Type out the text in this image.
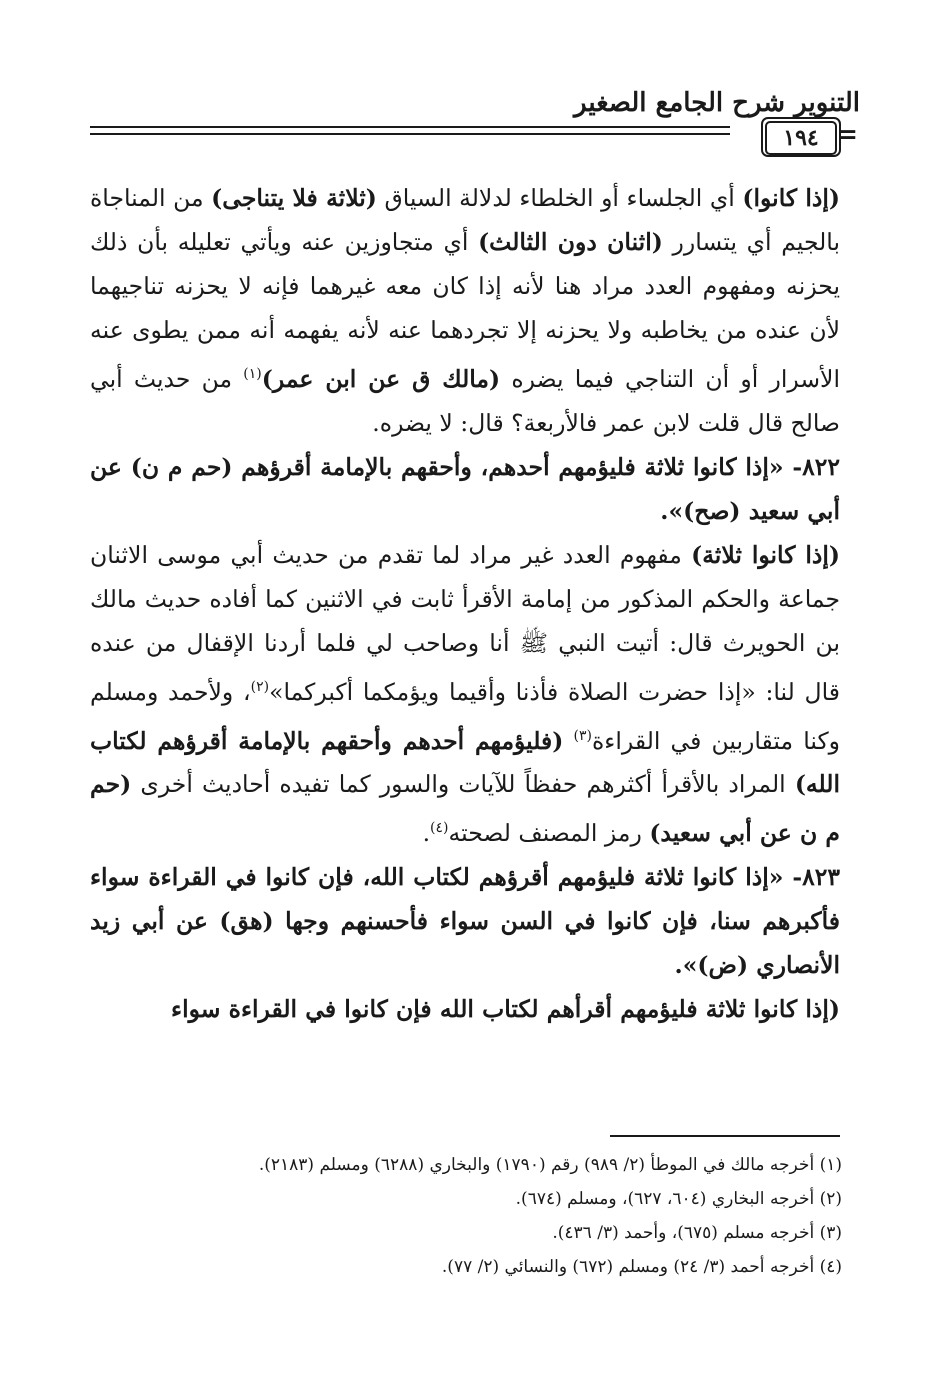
التنوير شرح الجامع الصغير
=
١٩٤

(إذا كانوا) أي الجلساء أو الخلطاء لدلالة السياق (ثلاثة فلا يتناجى) من المناجاة بالجيم أي يتسارر (اثنان دون الثالث) أي متجاوزين عنه ويأتي تعليله بأن ذلك يحزنه ومفهوم العدد مراد هنا لأنه إذا كان معه غيرهما فإنه لا يحزنه تناجيهما لأن عنده من يخاطبه ولا يحزنه إلا تجردهما عنه لأنه يفهمه أنه ممن يطوى عنه الأسرار أو أن التناجي فيما يضره (مالك ق عن ابن عمر)$^{(١)}$ من حديث أبي صالح قال قلت لابن عمر فالأربعة؟ قال: لا يضره.

٨٢٢- «إذا كانوا ثلاثة فليؤمهم أحدهم، وأحقهم بالإمامة أقرؤهم (حم م ن) عن أبي سعيد (صح)».

(إذا كانوا ثلاثة) مفهوم العدد غير مراد لما تقدم من حديث أبي موسى الاثنان جماعة والحكم المذكور من إمامة الأقرأ ثابت في الاثنين كما أفاده حديث مالك بن الحويرث قال: أتيت النبي ﷺ أنا وصاحب لي فلما أردنا الإقفال من عنده قال لنا: «إذا حضرت الصلاة فأذنا وأقيما ويؤمكما أكبركما»$^{(٢)}$، ولأحمد ومسلم وكنا متقاربين في القراءة$^{(٣)}$ (فليؤمهم أحدهم وأحقهم بالإمامة أقرؤهم لكتاب الله) المراد بالأقرأ أكثرهم حفظاً للآيات والسور كما تفيده أحاديث أخرى (حم م ن عن أبي سعيد) رمز المصنف لصحته$^{(٤)}$.

٨٢٣- «إذا كانوا ثلاثة فليؤمهم أقرؤهم لكتاب الله، فإن كانوا في القراءة سواء فأكبرهم سنا، فإن كانوا في السن سواء فأحسنهم وجها (هق) عن أبي زيد الأنصاري (ض)».

(إذا كانوا ثلاثة فليؤمهم أقرأهم لكتاب الله فإن كانوا في القراءة سواء

(١) أخرجه مالك في الموطأ (٢/ ٩٨٩) رقم (١٧٩٠) والبخاري (٦٢٨٨) ومسلم (٢١٨٣).
(٢) أخرجه البخاري (٦٠٤، ٦٢٧)، ومسلم (٦٧٤).
(٣) أخرجه مسلم (٦٧٥)، وأحمد (٣/ ٤٣٦).
(٤) أخرجه أحمد (٣/ ٢٤) ومسلم (٦٧٢) والنسائي (٢/ ٧٧).
